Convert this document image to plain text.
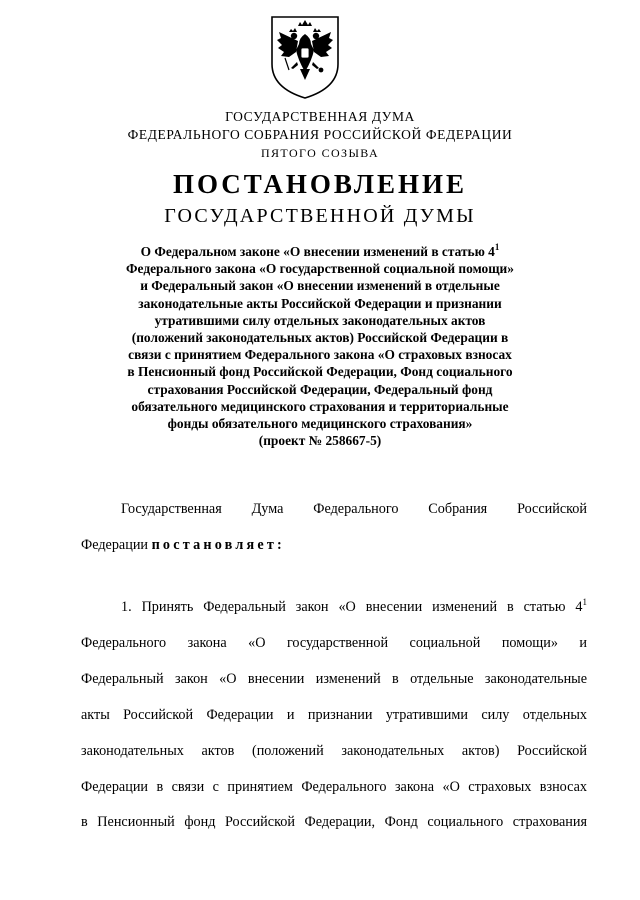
ГОСУДАРСТВЕННАЯ ДУМА
ФЕДЕРАЛЬНОГО СОБРАНИЯ РОССИЙСКОЙ ФЕДЕРАЦИИ
ПЯТОГО СОЗЫВА
ПОСТАНОВЛЕНИЕ
ГОСУДАРСТВЕННОЙ ДУМЫ
О Федеральном законе «О внесении изменений в статью $4^1$
Федерального закона «О государственной социальной помощи»
и Федеральный закон «О внесении изменений в отдельные
законодательные акты Российской Федерации и признании
утратившими силу отдельных законодательных актов
(положений законодательных актов) Российской Федерации в
связи с принятием Федерального закона «О страховых взносах
в Пенсионный фонд Российской Федерации, Фонд социального
страхования Российской Федерации, Федеральный фонд
обязательного медицинского страхования и территориальные
фонды обязательного медицинского страхования»
(проект № 258667-5)
Государственная Дума Федерального Собрания Российской
Федерации постановляет:
1. Принять Федеральный закон «О внесении изменений в статью $4^1$
Федерального закона «О государственной социальной помощи» и
Федеральный закон «О внесении изменений в отдельные законодательные
акты Российской Федерации и признании утратившими силу отдельных
законодательных актов (положений законодательных актов) Российской
Федерации в связи с принятием Федерального закона «О страховых взносах
в Пенсионный фонд Российской Федерации, Фонд социального страхования
